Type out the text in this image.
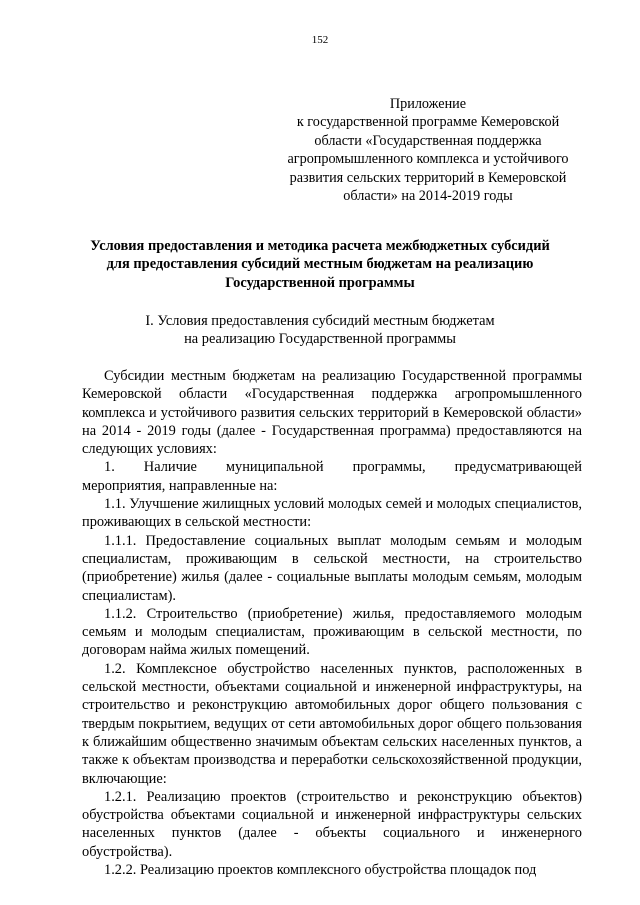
152
Приложение
к государственной программе Кемеровской
области «Государственная поддержка
агропромышленного комплекса и устойчивого
развития сельских территорий в Кемеровской
области» на 2014-2019 годы
Условия предоставления и методика расчета межбюджетных субсидий
для предоставления субсидий местным бюджетам на реализацию
Государственной программы
I. Условия предоставления субсидий местным бюджетам
на реализацию Государственной программы

Субсидии местным бюджетам на реализацию Государственной программы Кемеровской области «Государственная поддержка агропромышленного комплекса и устойчивого развития сельских территорий в Кемеровской области» на 2014 - 2019 годы (далее - Государственная программа) предоставляются на следующих условиях:

1. Наличие муниципальной программы, предусматривающей

мероприятия, направленные на:

1.1. Улучшение жилищных условий молодых семей и молодых специалистов, проживающих в сельской местности:

1.1.1. Предоставление социальных выплат молодым семьям и молодым специалистам, проживающим в сельской местности, на строительство (приобретение) жилья (далее - социальные выплаты молодым семьям, молодым специалистам).

1.1.2. Строительство (приобретение) жилья, предоставляемого молодым семьям и молодым специалистам, проживающим в сельской местности, по договорам найма жилых помещений.

1.2. Комплексное обустройство населенных пунктов, расположенных в сельской местности, объектами социальной и инженерной инфраструктуры, на строительство и реконструкцию автомобильных дорог общего пользования с твердым покрытием, ведущих от сети автомобильных дорог общего пользования к ближайшим общественно значимым объектам сельских населенных пунктов, а также к объектам производства и переработки сельскохозяйственной продукции, включающие:

1.2.1. Реализацию проектов (строительство и реконструкцию объектов) обустройства объектами социальной и инженерной инфраструктуры сельских населенных пунктов (далее - объекты социального и инженерного обустройства).

1.2.2. Реализацию проектов комплексного обустройства площадок под
